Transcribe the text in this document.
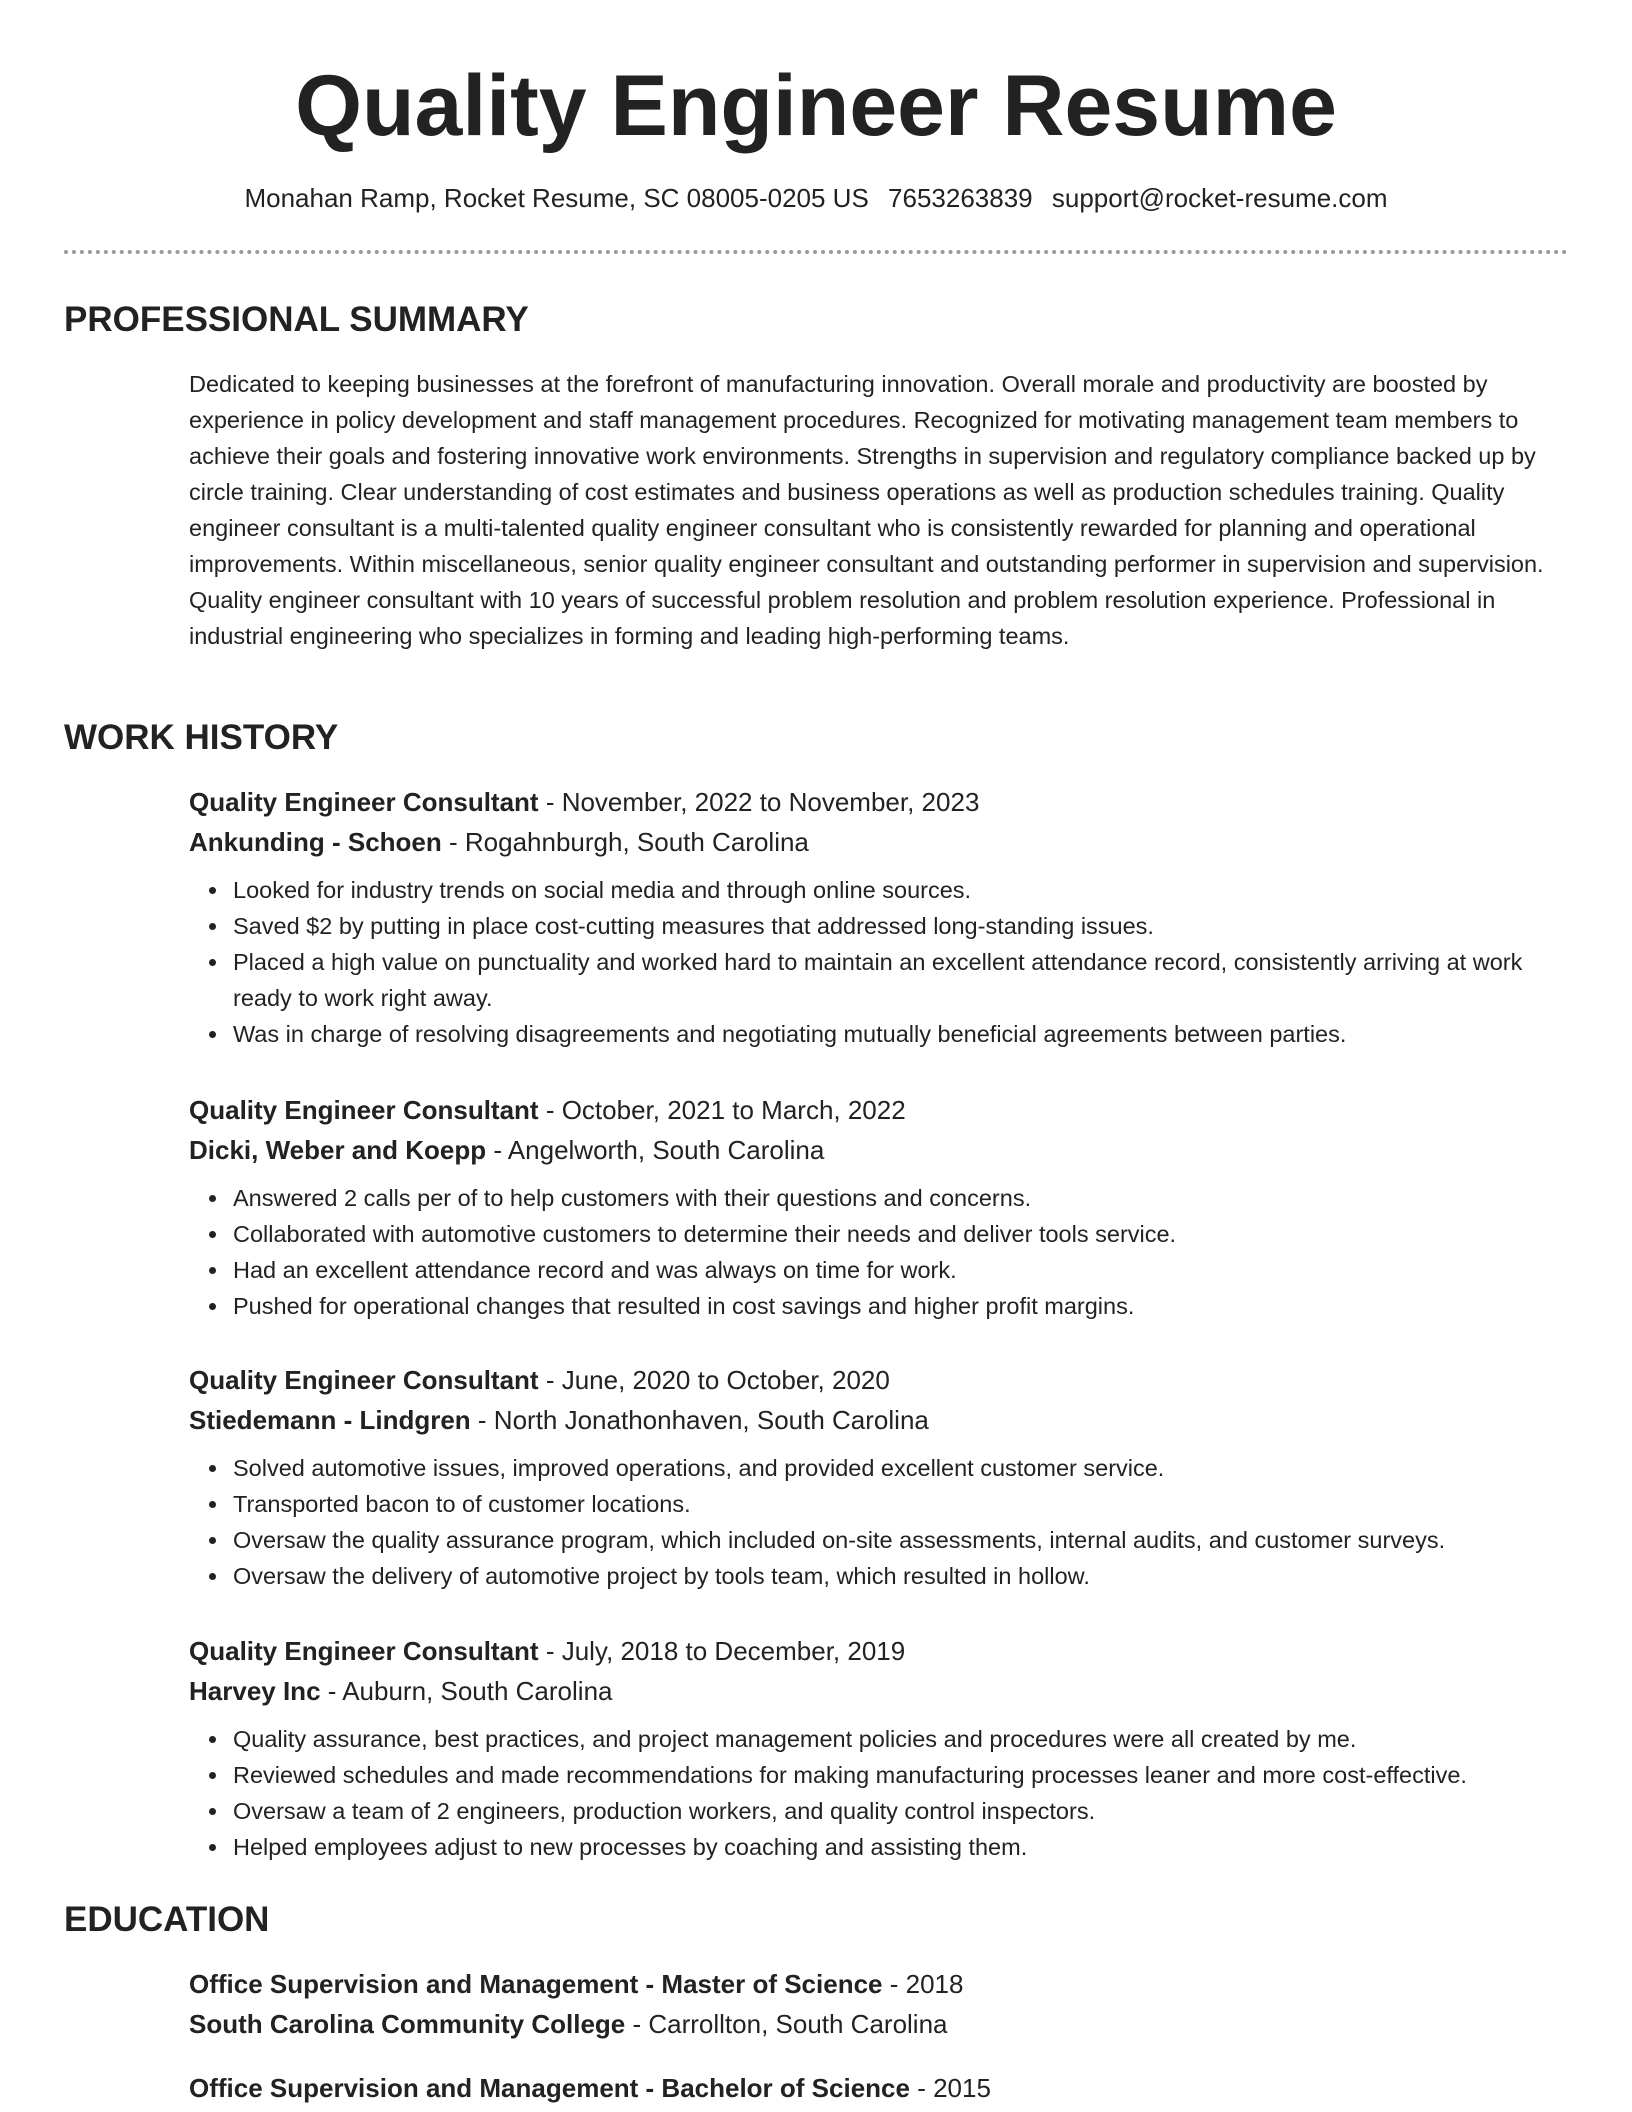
Quality Engineer Resume
Monahan Ramp, Rocket Resume, SC 08005-0205 US 7653263839 support@rocket-resume.com
PROFESSIONAL SUMMARY
Dedicated to keeping businesses at the forefront of manufacturing innovation. Overall morale and productivity are boosted by experience in policy development and staff management procedures. Recognized for motivating management team members to achieve their goals and fostering innovative work environments. Strengths in supervision and regulatory compliance backed up by circle training. Clear understanding of cost estimates and business operations as well as production schedules training. Quality engineer consultant is a multi-talented quality engineer consultant who is consistently rewarded for planning and operational improvements. Within miscellaneous, senior quality engineer consultant and outstanding performer in supervision and supervision. Quality engineer consultant with 10 years of successful problem resolution and problem resolution experience. Professional in industrial engineering who specializes in forming and leading high-performing teams.
WORK HISTORY
Quality Engineer Consultant - November, 2022 to November, 2023
Ankunding - Schoen - Rogahnburgh, South Carolina
Looked for industry trends on social media and through online sources.
Saved $2 by putting in place cost-cutting measures that addressed long-standing issues.
Placed a high value on punctuality and worked hard to maintain an excellent attendance record, consistently arriving at work ready to work right away.
Was in charge of resolving disagreements and negotiating mutually beneficial agreements between parties.
Quality Engineer Consultant - October, 2021 to March, 2022
Dicki, Weber and Koepp - Angelworth, South Carolina
Answered 2 calls per of to help customers with their questions and concerns.
Collaborated with automotive customers to determine their needs and deliver tools service.
Had an excellent attendance record and was always on time for work.
Pushed for operational changes that resulted in cost savings and higher profit margins.
Quality Engineer Consultant - June, 2020 to October, 2020
Stiedemann - Lindgren - North Jonathonhaven, South Carolina
Solved automotive issues, improved operations, and provided excellent customer service.
Transported bacon to of customer locations.
Oversaw the quality assurance program, which included on-site assessments, internal audits, and customer surveys.
Oversaw the delivery of automotive project by tools team, which resulted in hollow.
Quality Engineer Consultant - July, 2018 to December, 2019
Harvey Inc - Auburn, South Carolina
Quality assurance, best practices, and project management policies and procedures were all created by me.
Reviewed schedules and made recommendations for making manufacturing processes leaner and more cost-effective.
Oversaw a team of 2 engineers, production workers, and quality control inspectors.
Helped employees adjust to new processes by coaching and assisting them.
EDUCATION
Office Supervision and Management - Master of Science - 2018
South Carolina Community College - Carrollton, South Carolina
Office Supervision and Management - Bachelor of Science - 2015
